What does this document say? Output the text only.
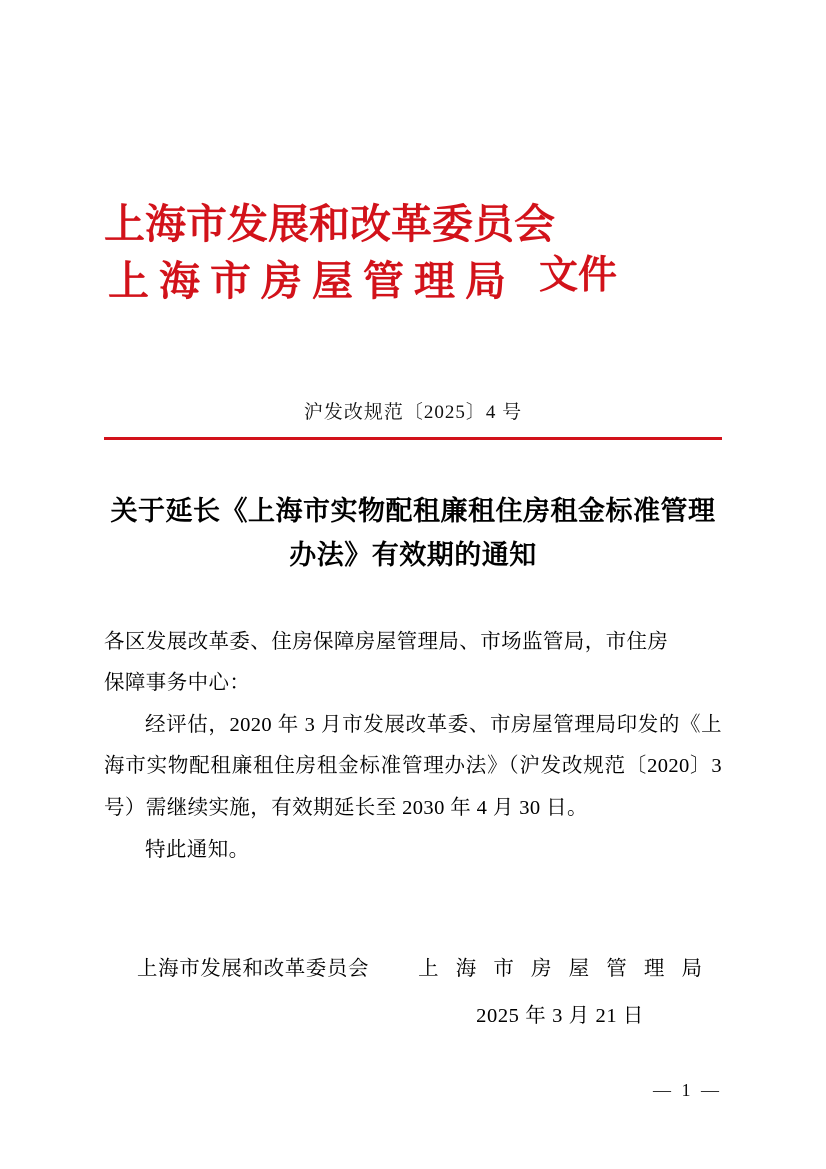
上海市发展和改革委员会
上海市房屋管理局 文件
沪发改规范〔2025〕4 号
关于延长《上海市实物配租廉租住房租金标准管理办法》有效期的通知
各区发展改革委、住房保障房屋管理局、市场监管局，市住房
保障事务中心：
经评估，2020 年 3 月市发展改革委、市房屋管理局印发的《上海市实物配租廉租住房租金标准管理办法》（沪发改规范〔2020〕3 号）需继续实施，有效期延长至 2030 年 4 月 30 日。
特此通知。
上海市发展和改革委员会 上 海 市 房 屋 管 理 局
2025 年 3 月 21 日
— 1 —
